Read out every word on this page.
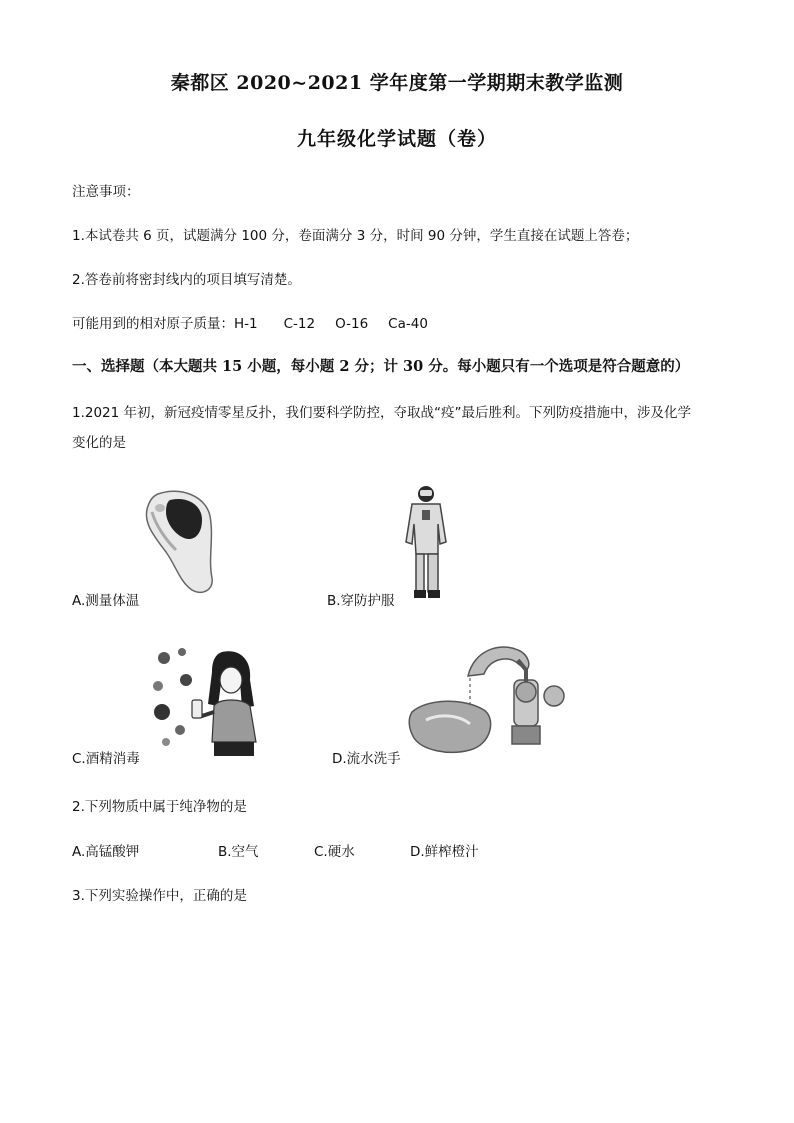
秦都区 2020~2021 学年度第一学期期末教学监测
九年级化学试题（卷）
注意事项：
1.本试卷共 6 页，试题满分 100 分，卷面满分 3 分，时间 90 分钟，学生直接在试题上答卷；
2.答卷前将密封线内的项目填写清楚。
可能用到的相对原子质量：H-1 C-12 O-16 Ca-40
一、选择题（本大题共 15 小题，每小题 2 分；计 30 分。每小题只有一个选项是符合题意的）
1.2021 年初，新冠疫情零星反扑，我们要科学防控，夺取战“疫”最后胜利。下列防疫措施中，涉及化学
变化的是
A.测量体温	B.穿防护服
C.酒精消毒	D.流水洗手
2.下列物质中属于纯净物的是
A.高锰酸钾	B.空气	C.硬水	D.鲜榨橙汁
3.下列实验操作中，正确的是
